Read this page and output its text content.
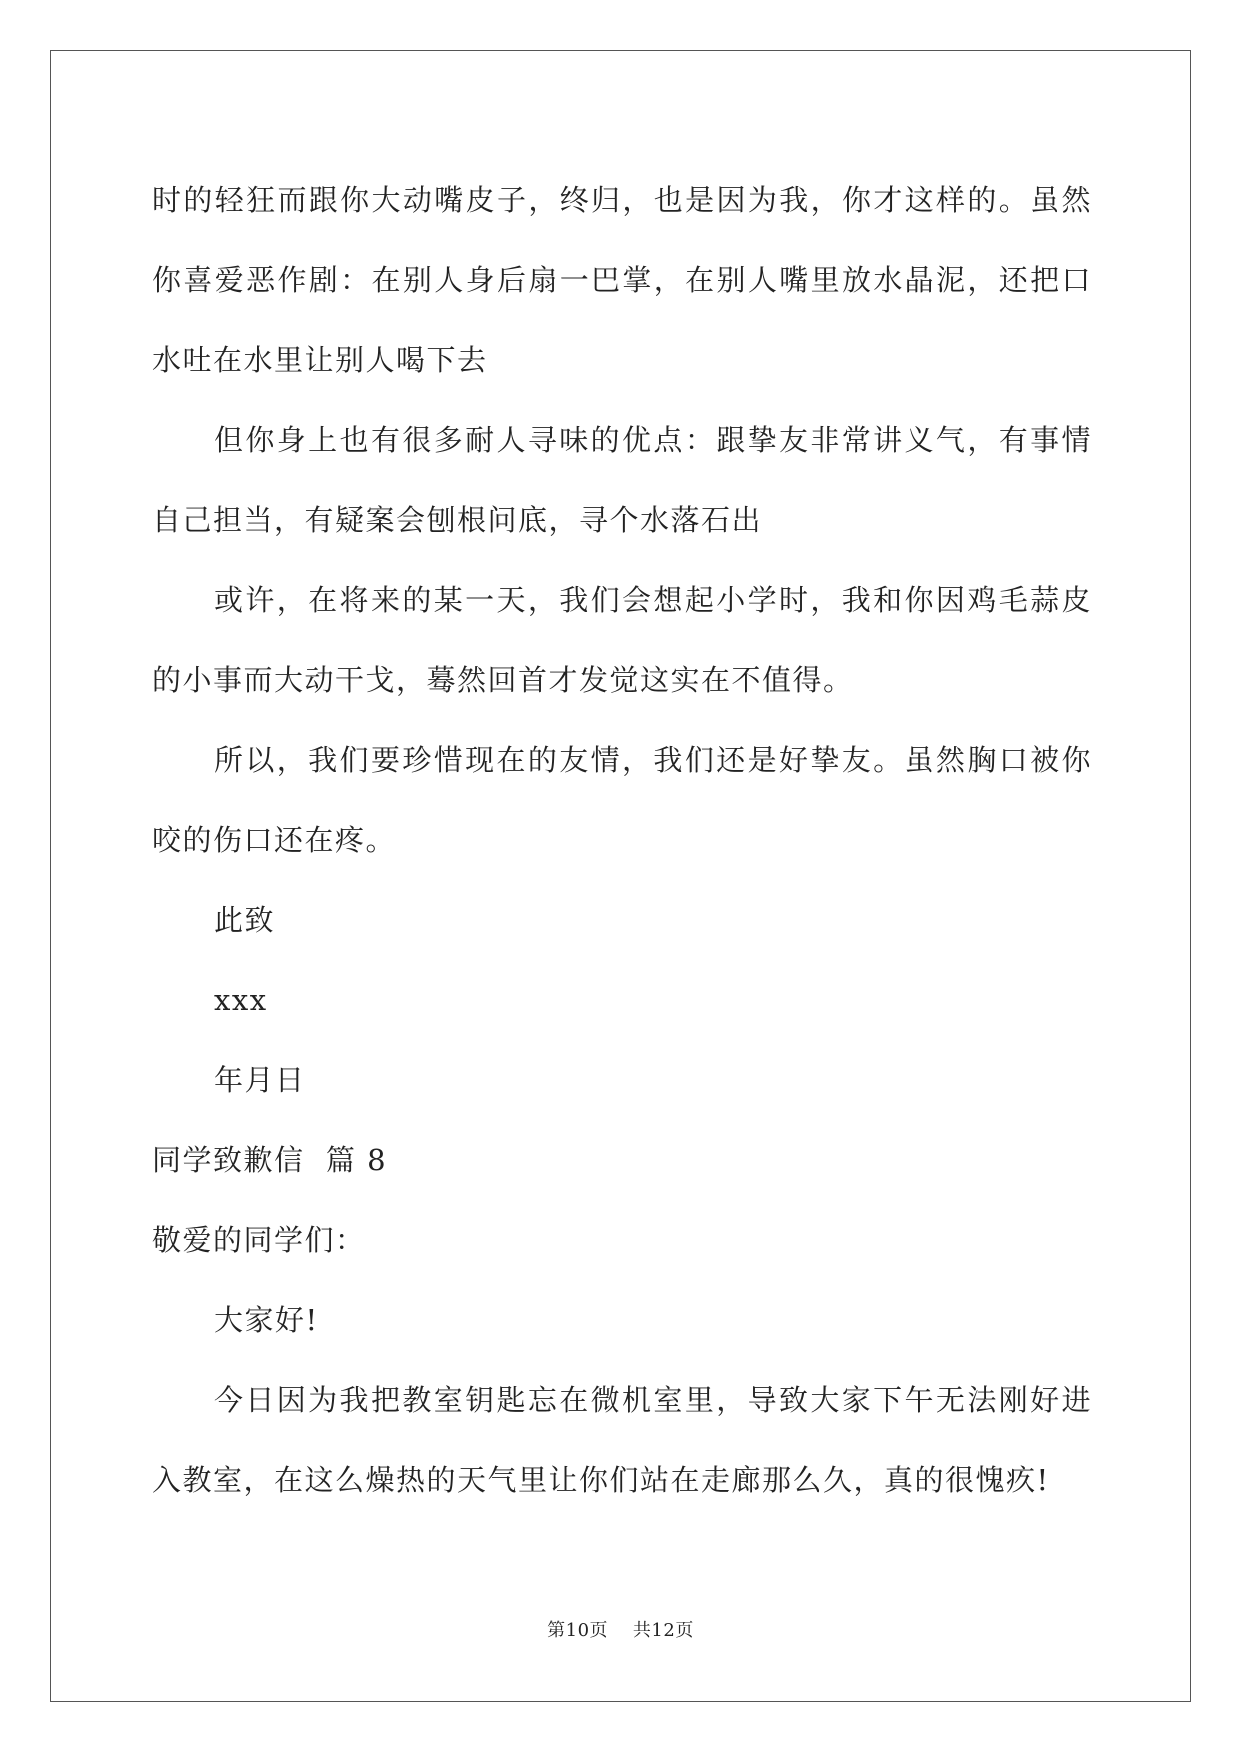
时的轻狂而跟你大动嘴皮子，终归，也是因为我，你才这样的。虽然你喜爱恶作剧：在别人身后扇一巴掌，在别人嘴里放水晶泥，还把口水吐在水里让别人喝下去

但你身上也有很多耐人寻味的优点：跟挚友非常讲义气，有事情自己担当，有疑案会刨根问底，寻个水落石出

或许，在将来的某一天，我们会想起小学时，我和你因鸡毛蒜皮的小事而大动干戈，蓦然回首才发觉这实在不值得。

所以，我们要珍惜现在的友情，我们还是好挚友。虽然胸口被你咬的伤口还在疼。

此致

xxx

年月日

同学致歉信  篇 8

敬爱的同学们：

大家好!

今日因为我把教室钥匙忘在微机室里，导致大家下午无法刚好进入教室，在这么燥热的天气里让你们站在走廊那么久，真的很愧疚!

第10页    共12页
